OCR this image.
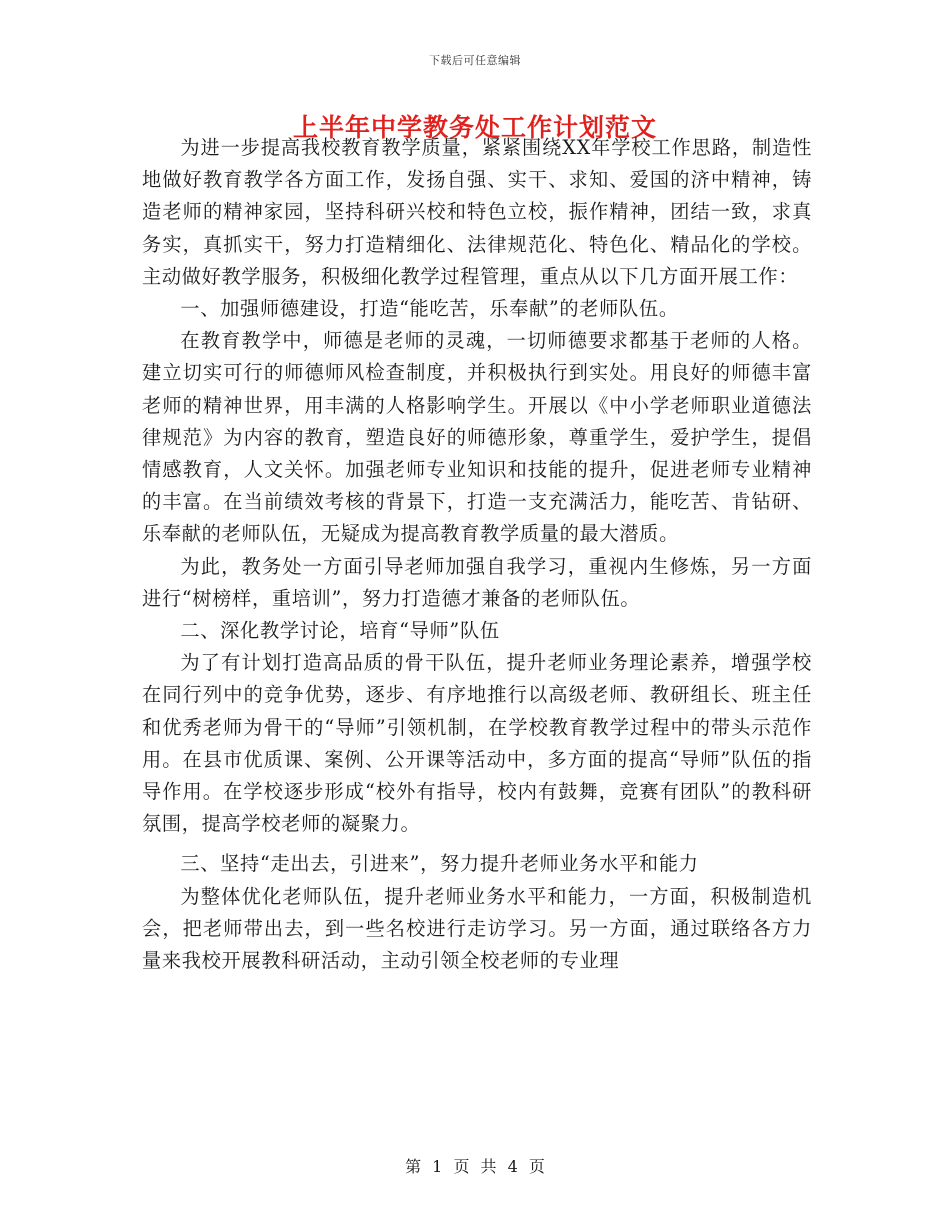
下载后可任意编辑
上半年中学教务处工作计划范文

为进一步提高我校教育教学质量，紧紧围绕XX年学校工作思路，制造性地做好教育教学各方面工作，发扬自强、实干、求知、爱国的济中精神，铸造老师的精神家园，坚持科研兴校和特色立校，振作精神，团结一致，求真务实，真抓实干，努力打造精细化、法律规范化、特色化、精品化的学校。主动做好教学服务，积极细化教学过程管理，重点从以下几方面开展工作：

一、加强师德建设，打造“能吃苦，乐奉献”的老师队伍。

在教育教学中，师德是老师的灵魂，一切师德要求都基于老师的人格。建立切实可行的师德师风检查制度，并积极执行到实处。用良好的师德丰富老师的精神世界，用丰满的人格影响学生。开展以《中小学老师职业道德法律规范》为内容的教育，塑造良好的师德形象，尊重学生，爱护学生，提倡情感教育，人文关怀。加强老师专业知识和技能的提升，促进老师专业精神的丰富。在当前绩效考核的背景下，打造一支充满活力，能吃苦、肯钻研、乐奉献的老师队伍，无疑成为提高教育教学质量的最大潜质。

为此，教务处一方面引导老师加强自我学习，重视内生修炼，另一方面进行“树榜样，重培训”，努力打造德才兼备的老师队伍。

二、深化教学讨论，培育“导师”队伍

为了有计划打造高品质的骨干队伍，提升老师业务理论素养，增强学校在同行列中的竞争优势，逐步、有序地推行以高级老师、教研组长、班主任和优秀老师为骨干的“导师”引领机制，在学校教育教学过程中的带头示范作用。在县市优质课、案例、公开课等活动中，多方面的提高“导师”队伍的指导作用。在学校逐步形成“校外有指导，校内有鼓舞，竞赛有团队”的教科研氛围，提高学校老师的凝聚力。

三、坚持“走出去，引进来”，努力提升老师业务水平和能力

为整体优化老师队伍，提升老师业务水平和能力，一方面，积极制造机会，把老师带出去，到一些名校进行走访学习。另一方面，通过联络各方力量来我校开展教科研活动，主动引领全校老师的专业理

第 1 页 共 4 页
